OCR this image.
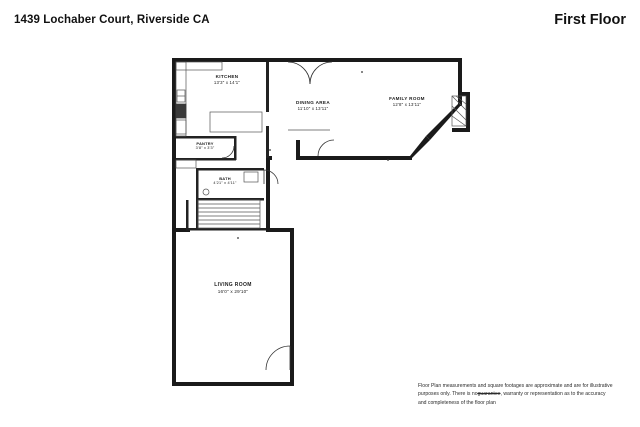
1439 Lochaber Court, Riverside CA	First Floor
KITCHEN
13'3" x 14'1"
DINING AREA
11'10" x 13'11"
FAMILY ROOM
12'8" x 13'11"
PANTRY
3'8" x 3'3"
BATH
4'21" x 4'11"
LIVING ROOM
16'0" x 29'10"
Floor Plan measurements and square footages are approximate and are for illustrative purposes only. There is noguarantee, warranty or representation as to the accuracy and completeness of the floor plan
